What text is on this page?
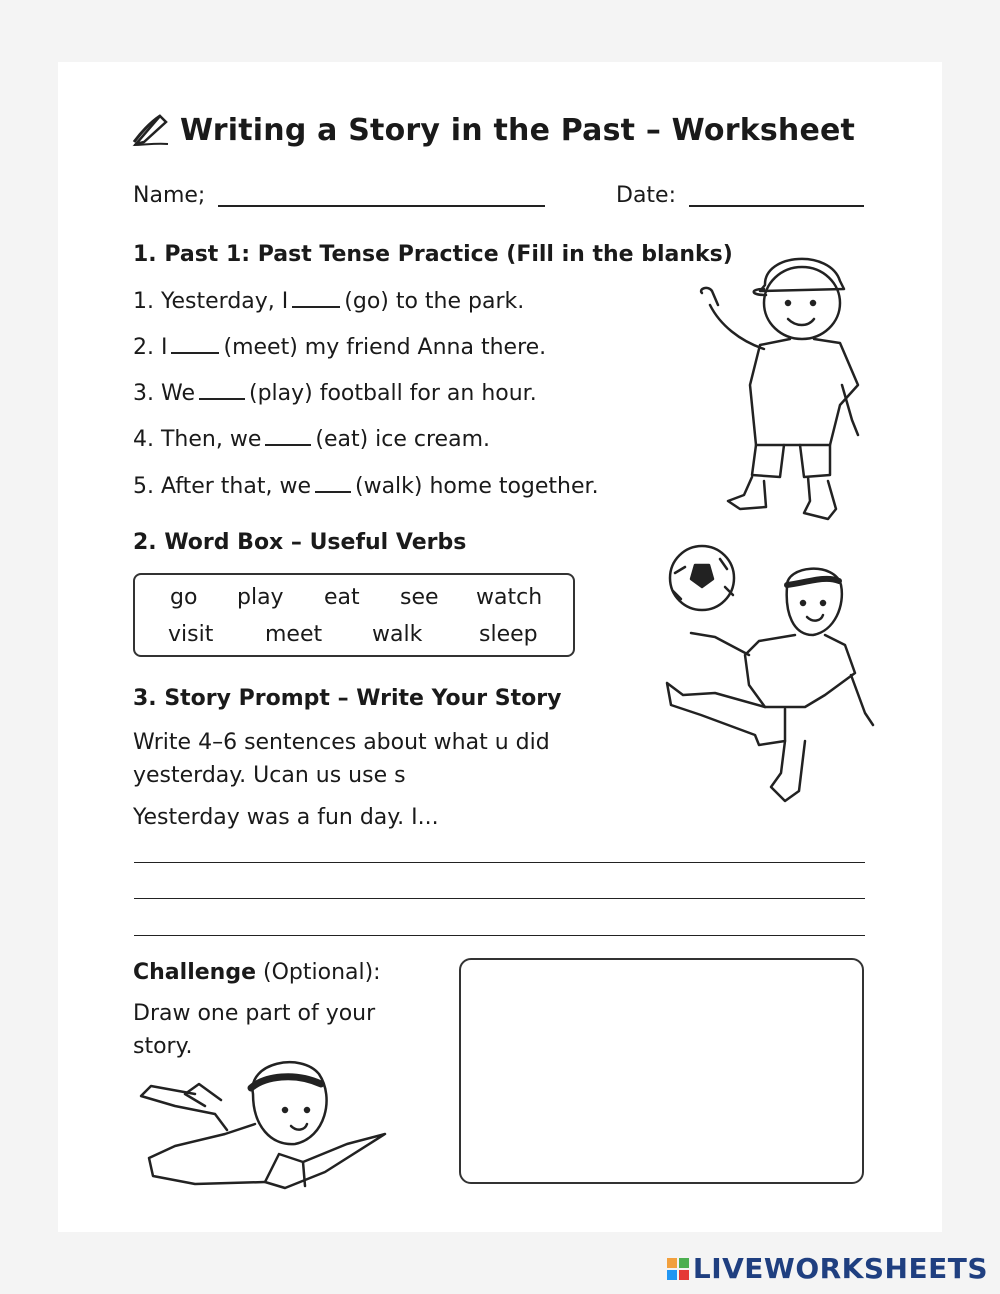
Writing a Story in the Past – Worksheet
Name;	Date:
1. Past 1: Past Tense Practice (Fill in the blanks)
1. Yesterday, I	(go) to the park.
2. I	(meet) my friend Anna there.
3. We (play) football for an hour.
4. Then, we (eat) ice cream.
5. After that, we (walk) home together.
2. Word Box – Useful Verbs
go play eat see watch
visit meet walk	sleep
3. Story Prompt – Write Your Story
Write 4–6 sentences about what u did
yesterday. Ucan us use s
Yesterday was a fun day. I...
Challenge (Optional):
Draw one part of your
story.
LIVEWORKSHEETS
